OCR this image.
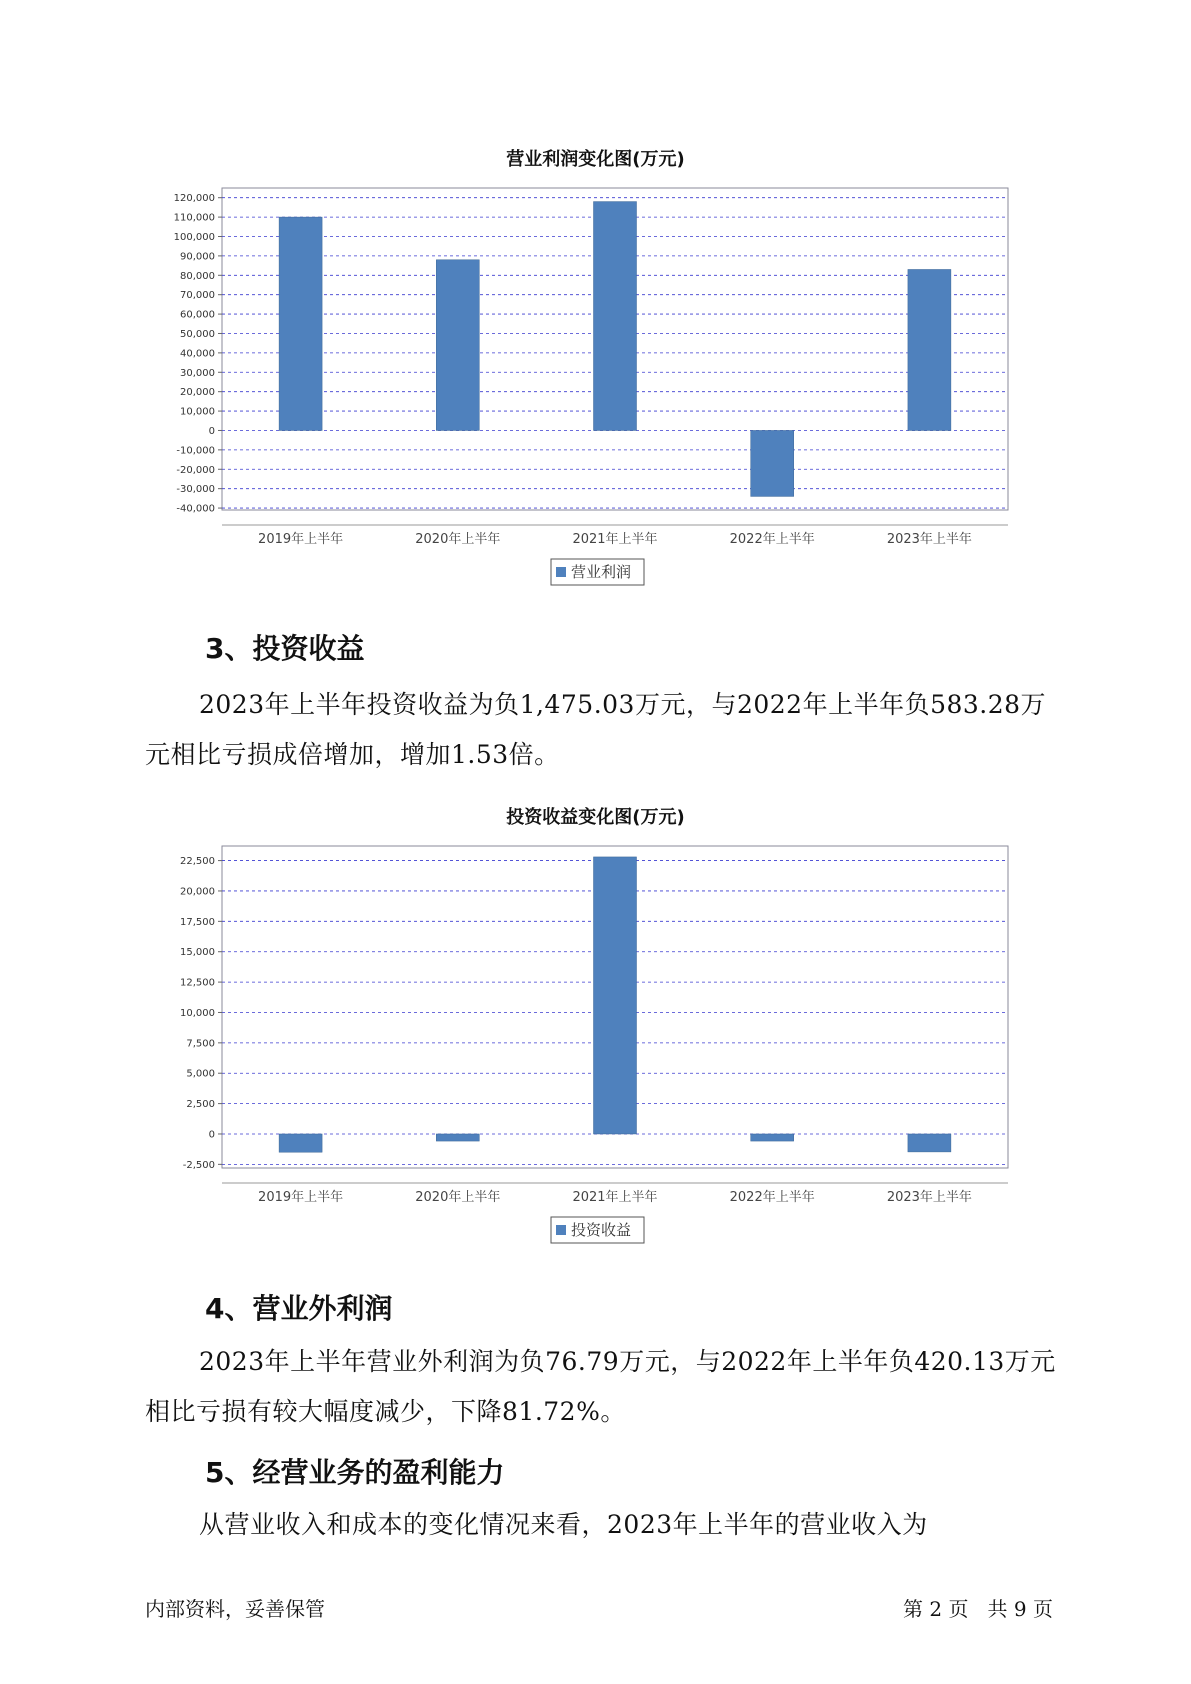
营业利润变化图(万元)
120,000
110,000
100,000
90,000
80,000
70,000
60,000
50,000
40,000
30,000
20,000
10,000
0
-10,000
-20,000
-30,000
-40,000
2019年上半年	2020年上半年	2021年上半年	2022年上半年	2023年上半年
营业利润
3、投资收益

2023年上半年投资收益为负1,475.03万元，与2022年上半年负583.28万元相比亏损成倍增加，增加1.53倍。

投资收益变化图(万元)
22,500
20,000
17,500
15,000
12,500
10,000
7,500
5,000
2,500
0
-2,500
2019年上半年	2020年上半年	2021年上半年	2022年上半年	2023年上半年
投资收益
4、营业外利润

2023年上半年营业外利润为负76.79万元，与2022年上半年负420.13万元相比亏损有较大幅度减少，下降81.72%。

5、经营业务的盈利能力

从营业收入和成本的变化情况来看，2023年上半年的营业收入为

内部资料，妥善保管	第 2 页   共 9 页
